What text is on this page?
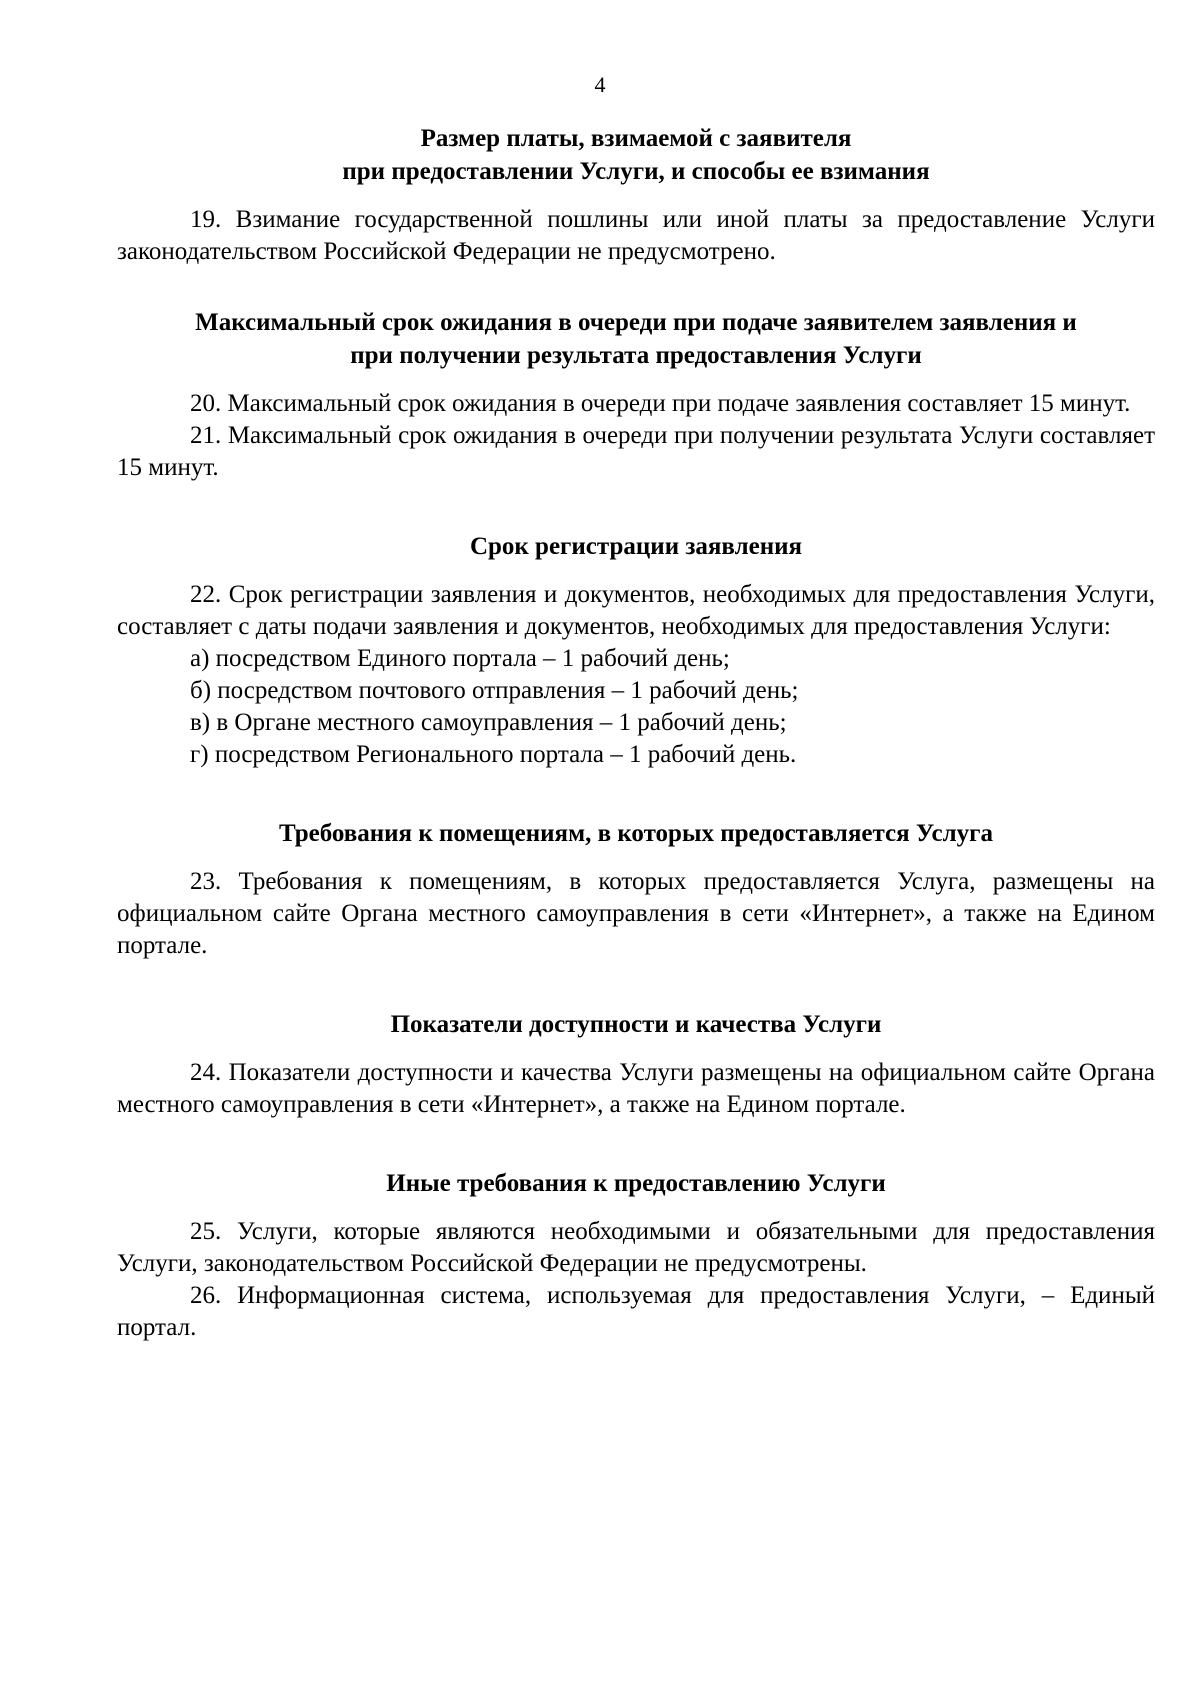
4

Размер платы, взимаемой с заявителя

при предоставлении Услуги, и способы ее взимания

19. Взимание государственной пошлины или иной платы за предоставление Услуги законодательством Российской Федерации не предусмотрено.

Максимальный срок ожидания в очереди при подаче заявителем заявления и

при получении результата предоставления Услуги

20. Максимальный срок ожидания в очереди при подаче заявления составляет 15 минут.

21. Максимальный срок ожидания в очереди при получении результата Услуги составляет 15 минут.

Срок регистрации заявления

22. Срок регистрации заявления и документов, необходимых для предоставления Услуги, составляет с даты подачи заявления и документов, необходимых для предоставления Услуги:

а) посредством Единого портала – 1 рабочий день;

б) посредством почтового отправления – 1 рабочий день;

в) в Органе местного самоуправления – 1 рабочий день;

г) посредством Регионального портала – 1 рабочий день.

Требования к помещениям, в которых предоставляется Услуга

23. Требования к помещениям, в которых предоставляется Услуга, размещены на официальном сайте Органа местного самоуправления в сети «Интернет», а также на Едином портале.

Показатели доступности и качества Услуги

24. Показатели доступности и качества Услуги размещены на официальном сайте Органа местного самоуправления в сети «Интернет», а также на Едином портале.

Иные требования к предоставлению Услуги

25. Услуги, которые являются необходимыми и обязательными для предоставления Услуги, законодательством Российской Федерации не предусмотрены.

26. Информационная система, используемая для предоставления Услуги, – Единый портал.
